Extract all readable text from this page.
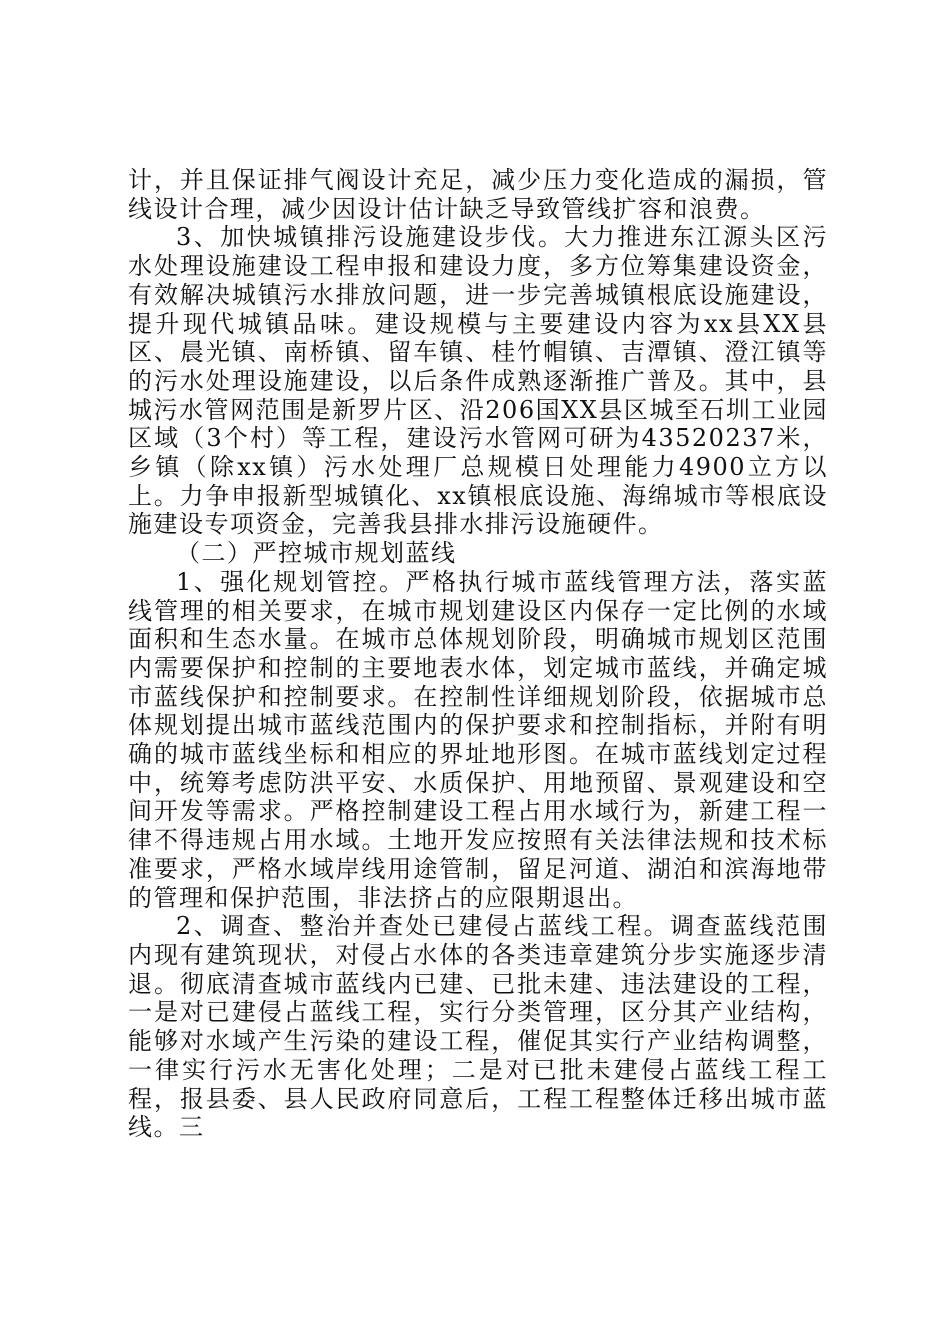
计，并且保证排气阀设计充足，减少压力变化造成的漏损，管线设计合理，减少因设计估计缺乏导致管线扩容和浪费。

3、加快城镇排污设施建设步伐。大力推进东江源头区污水处理设施建设工程申报和建设力度，多方位筹集建设资金，有效解决城镇污水排放问题，进一步完善城镇根底设施建设，提升现代城镇品味。建设规模与主要建设内容为xx县XX县区、晨光镇、南桥镇、留车镇、桂竹帽镇、吉潭镇、澄江镇等的污水处理设施建设，以后条件成熟逐渐推广普及。其中，县城污水管网范围是新罗片区、沿206国XX县区城至石圳工业园区域（3个村）等工程，建设污水管网可研为43520237米，乡镇（除xx镇）污水处理厂总规模日处理能力4900立方以上。力争申报新型城镇化、xx镇根底设施、海绵城市等根底设施建设专项资金，完善我县排水排污设施硬件。

（二）严控城市规划蓝线

1、强化规划管控。严格执行城市蓝线管理方法，落实蓝线管理的相关要求，在城市规划建设区内保存一定比例的水域面积和生态水量。在城市总体规划阶段，明确城市规划区范围内需要保护和控制的主要地表水体，划定城市蓝线，并确定城市蓝线保护和控制要求。在控制性详细规划阶段，依据城市总体规划提出城市蓝线范围内的保护要求和控制指标，并附有明确的城市蓝线坐标和相应的界址地形图。在城市蓝线划定过程中，统筹考虑防洪平安、水质保护、用地预留、景观建设和空间开发等需求。严格控制建设工程占用水域行为，新建工程一律不得违规占用水域。土地开发应按照有关法律法规和技术标准要求，严格水域岸线用途管制，留足河道、湖泊和滨海地带的管理和保护范围，非法挤占的应限期退出。

2、调查、整治并查处已建侵占蓝线工程。调查蓝线范围内现有建筑现状，对侵占水体的各类违章建筑分步实施逐步清退。彻底清查城市蓝线内已建、已批未建、违法建设的工程，一是对已建侵占蓝线工程，实行分类管理，区分其产业结构，能够对水域产生污染的建设工程，催促其实行产业结构调整，一律实行污水无害化处理；二是对已批未建侵占蓝线工程工程，报县委、县人民政府同意后，工程工程整体迁移出城市蓝线。三
